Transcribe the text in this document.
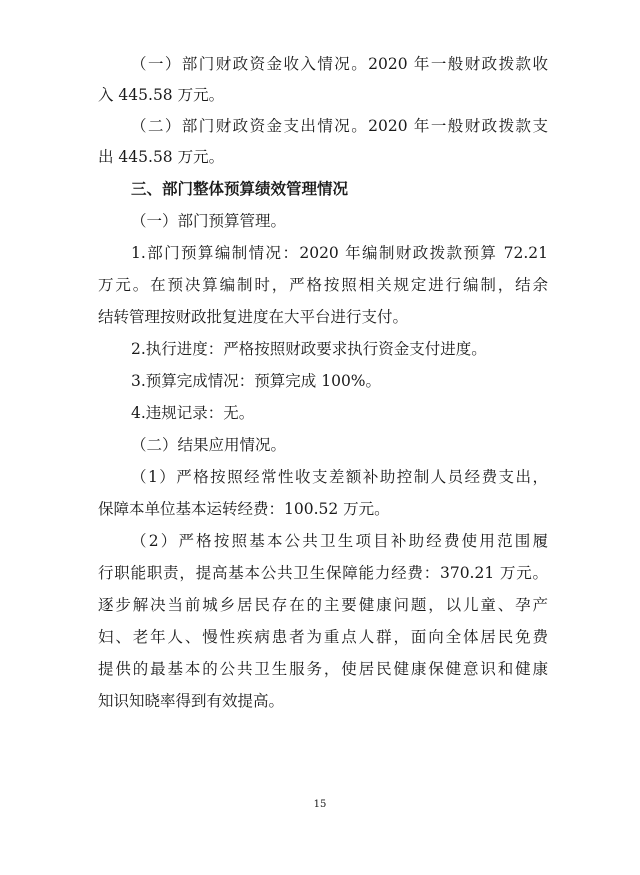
（一）部门财政资金收入情况。2020 年一般财政拨款收
入 445.58 万元。
（二）部门财政资金支出情况。2020 年一般财政拨款支
出 445.58 万元。
三、部门整体预算绩效管理情况
（一）部门预算管理。
1.部门预算编制情况：2020 年编制财政拨款预算 72.21
万元。在预决算编制时，严格按照相关规定进行编制，结余
结转管理按财政批复进度在大平台进行支付。
2.执行进度：严格按照财政要求执行资金支付进度。
3.预算完成情况：预算完成 100%。
4.违规记录：无。
（二）结果应用情况。
（1）严格按照经常性收支差额补助控制人员经费支出，
保障本单位基本运转经费：100.52 万元。
（2）严格按照基本公共卫生项目补助经费使用范围履
行职能职责，提高基本公共卫生保障能力经费：370.21 万元。
逐步解决当前城乡居民存在的主要健康问题，以儿童、孕产
妇、老年人、慢性疾病患者为重点人群，面向全体居民免费
提供的最基本的公共卫生服务，使居民健康保健意识和健康
知识知晓率得到有效提高。
15
